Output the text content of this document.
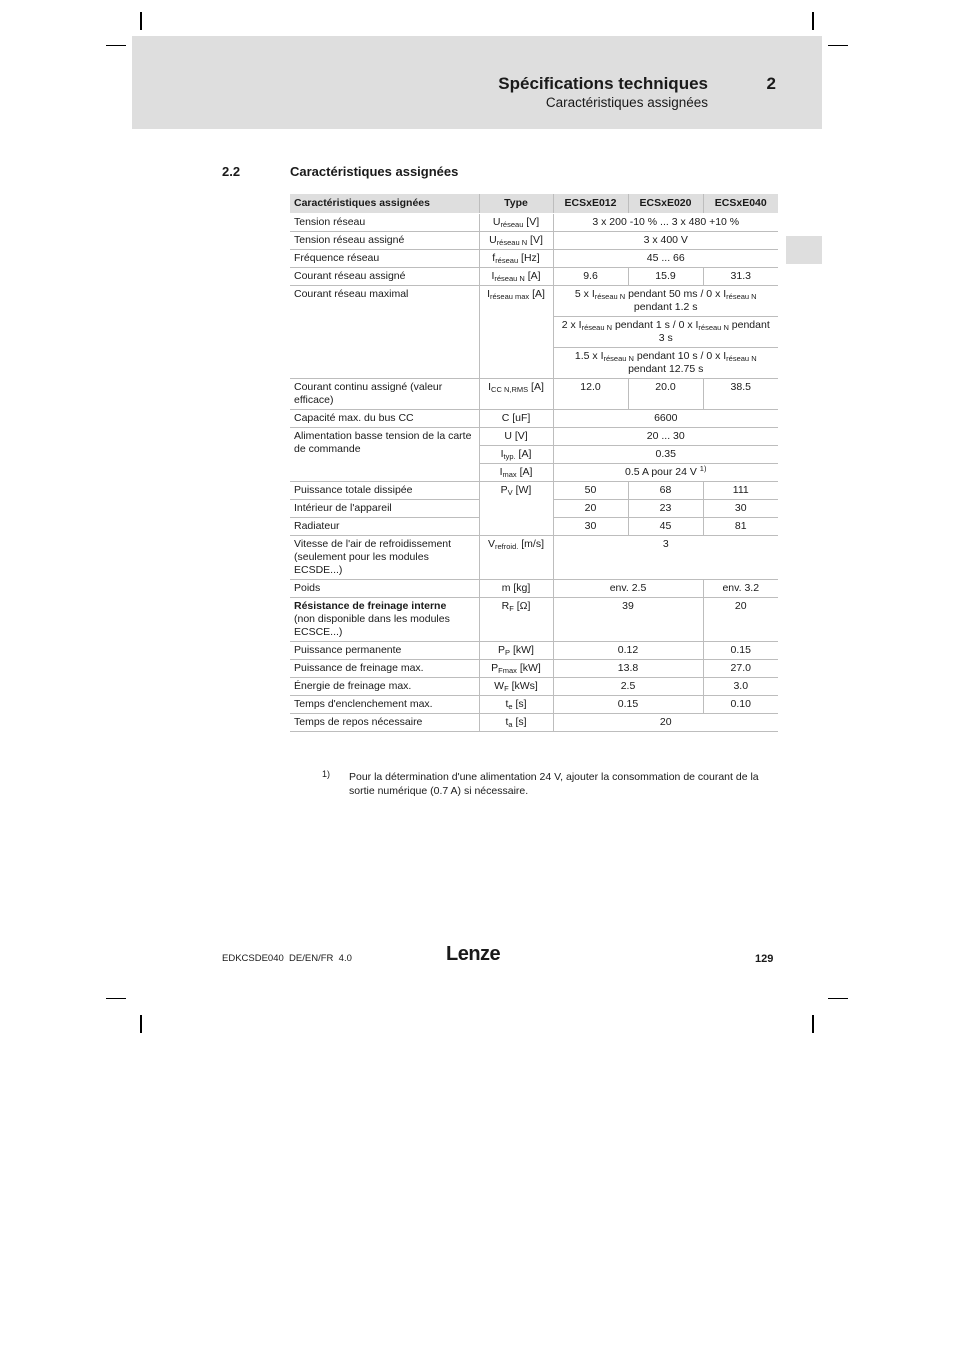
Spécifications techniques	2
Caractéristiques assignées
2.2	Caractéristiques assignées
Caractéristiques assignées	Type	ECSxE012	ECSxE020	ECSxE040
Tension réseau	$U_{réseau}$ [V]	3 x 200 -10 % ... 3 x 480 +10 %		
Tension réseau assigné	$U_{réseau N}$ [V]	3 x 400 V		
Fréquence réseau	$f_{réseau}$ [Hz]	45 ... 66		
Courant réseau assigné	$I_{réseau N}$ [A]	9.6	15.9	31.3
Courant réseau maximal	$I_{réseau max}$ [A]	5 x $I_{réseau N}$ pendant 50 ms / 0 x $I_{réseau N}$ pendant 1.2 s		
		2 x $I_{réseau N}$ pendant 1 s / 0 x $I_{réseau N}$ pendant 3 s		
		1.5 x $I_{réseau N}$ pendant 10 s / 0 x $I_{réseau N}$ pendant 12.75 s		
Courant continu assigné (valeur efficace)	$I_{CC N,RMS}$ [A]	12.0	20.0	38.5
Capacité max. du bus CC	C [uF]	6600		
Alimentation basse tension de la carte de commande	U [V]	20 ... 30		
	$I_{typ.}$ [A]	0.35		
	$I_{max}$ [A]	0.5 A pour 24 V $^{1)}$
Puissance totale dissipée	$P_V$ [W]	50	68	111
Intérieur de l'appareil		20	23	30
Radiateur		30	45	81
Vitesse de l'air de refroidissement (seulement pour les modules ECSDE...)	$V_{refroid.}$ [m/s]	3		
Poids	m [kg]	env. 2.5		env. 3.2

Résistance de freinage interne
(non disponible dans les modules ECSCE...)	$R_F$ [Ω]	39		20
Puissance permanente	$P_P$ [kW]	0.12		0.15
Puissance de freinage max.	$P_{Fmax}$ [kW]	13.8		27.0
Énergie de freinage max.	$W_F$ [kWs]	2.5		3.0
Temps d'enclenchement max.	$t_e$ [s]	0.15		0.10
Temps de repos nécessaire	$t_a$ [s]	20		
1) Pour la détermination d'une alimentation 24 V, ajouter la consommation de courant de la sortie numérique (0.7 A) si nécessaire.
EDKCSDE040  DE/EN/FR  4.0	Lenze	129
